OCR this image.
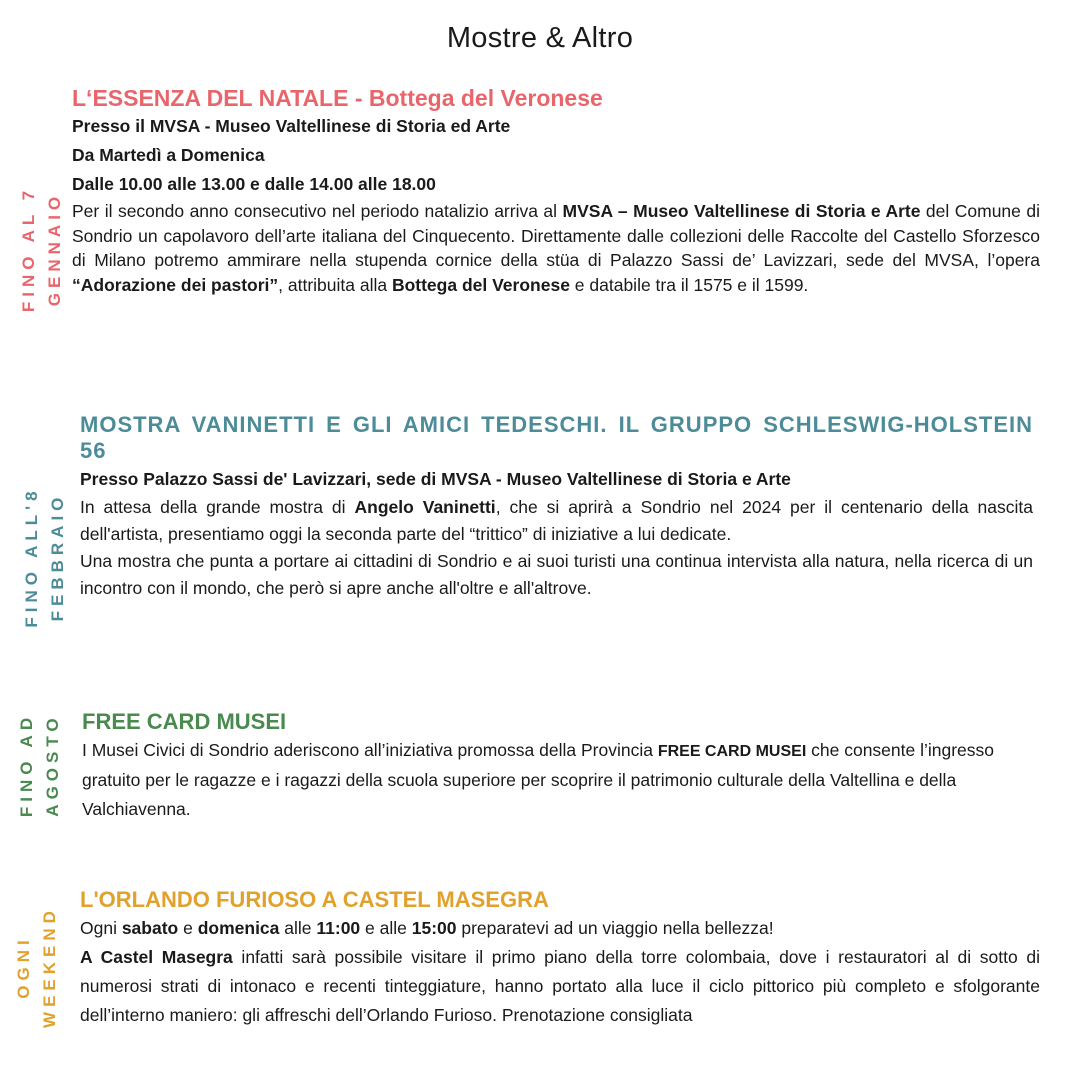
Mostre & Altro
FINO AL 7 GENNAIO
L‘ESSENZA DEL NATALE - Bottega del Veronese

Presso il MVSA - Museo Valtellinese di Storia ed Arte

Da Martedì a Domenica

Dalle 10.00 alle 13.00 e dalle 14.00 alle 18.00

Per il secondo anno consecutivo nel periodo natalizio arriva al MVSA – Museo Valtellinese di Storia e Arte del Comune di Sondrio un capolavoro dell’arte italiana del Cinquecento. Direttamente dalle collezioni delle Raccolte del Castello Sforzesco di Milano potremo ammirare nella stupenda cornice della stüa di Palazzo Sassi de’ Lavizzari, sede del MVSA, l’opera “Adorazione dei pastori”, attribuita alla Bottega del Veronese e databile tra il 1575 e il 1599.

FINO ALL'8 FEBBRAIO
MOSTRA VANINETTI E GLI AMICI TEDESCHI. IL GRUPPO SCHLESWIG-HOLSTEIN 56

Presso Palazzo Sassi de' Lavizzari, sede di MVSA - Museo Valtellinese di Storia e Arte

In attesa della grande mostra di Angelo Vaninetti, che si aprirà a Sondrio nel 2024 per il centenario della nascita dell'artista, presentiamo oggi la seconda parte del “trittico” di iniziative a lui dedicate.

Una mostra che punta a portare ai cittadini di Sondrio e ai suoi turisti una continua intervista alla natura, nella ricerca di un incontro con il mondo, che però si apre anche all'oltre e all'altrove.

FINO AD AGOSTO FREE CARD MUSEI

I Musei Civici di Sondrio aderiscono all’iniziativa promossa della Provincia FREE CARD MUSEI che consente l’ingresso gratuito per le ragazze e i ragazzi della scuola superiore per scoprire il patrimonio culturale della Valtellina e della Valchiavenna.

OGNI WEEKEND
L'ORLANDO FURIOSO A CASTEL MASEGRA

Ogni sabato e domenica alle 11:00 e alle 15:00 preparatevi ad un viaggio nella bellezza!
A Castel Masegra infatti sarà possibile visitare il primo piano della torre colombaia, dove i restauratori al di sotto di numerosi strati di intonaco e recenti tinteggiature, hanno portato alla luce il ciclo pittorico più completo e sfolgorante dell’interno maniero: gli affreschi dell’Orlando Furioso. Prenotazione consigliata
